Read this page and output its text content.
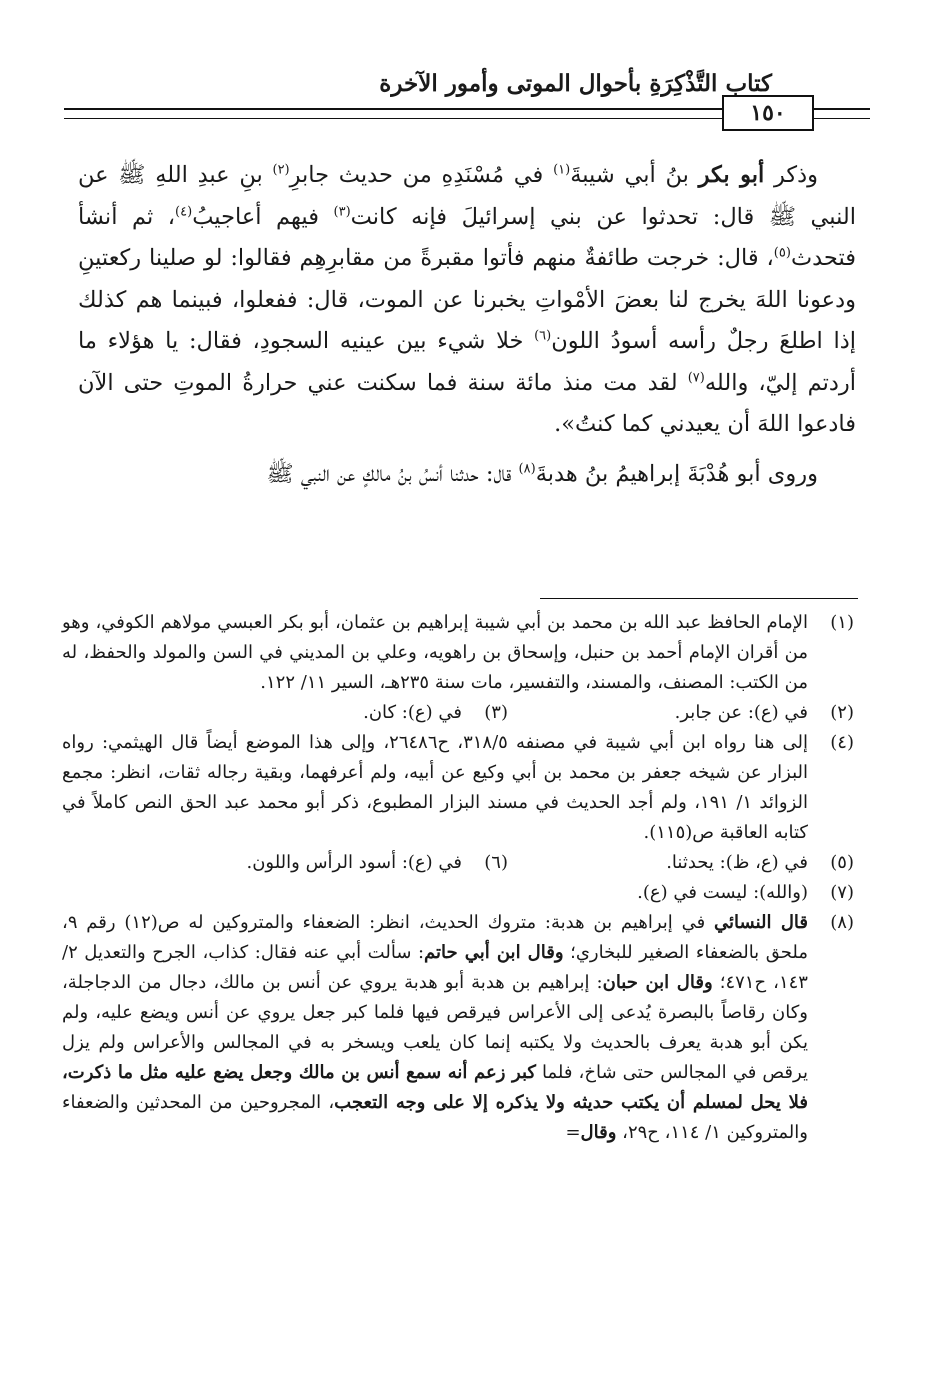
كتاب التَّذْكِرَةِ بأحوال الموتى وأمور الآخرة
١٥٠

وذكر أبو بكر بنُ أبي شيبةَ$^{(١)}$ في مُسْنَدِهِ من حديث جابرِ$^{(٢)}$ بنِ عبدِ اللهِ ﷺ عن النبي ﷺ قال: تحدثوا عن بني إسرائيلَ فإنه كانت$^{(٣)}$ فيهم أعاجيبُ$^{(٤)}$، ثم أنشأ فتحدث$^{(٥)}$، قال: خرجت طائفةٌ منهم فأتوا مقبرةً من مقابرِهِم فقالوا: لو صلينا ركعتينِ ودعونا اللهَ يخرج لنا بعضَ الأمْواتِ يخبرنا عن الموت، قال: ففعلوا، فبينما هم كذلك إذا اطلعَ رجلٌ رأسه أسودُ اللون$^{(٦)}$ خلا شيء بين عينيه السجودِ، فقال: يا هؤلاء ما أردتم إليّ، والله$^{(٧)}$ لقد مت منذ مائة سنة فما سكنت عني حرارةُ الموتِ حتى الآن فادعوا اللهَ أن يعيدني كما كنتُ».

وروى أبو هُدْبَةَ إبراهيمُ بنُ هدبةَ$^{(٨)}$ قال: حدثنا أنسُ بنُ مالكٍ عن النبي ﷺ

(١)
الإمام الحافظ عبد الله بن محمد بن أبي شيبة إبراهيم بن عثمان، أبو بكر العبسي مولاهم الكوفي، وهو من أقران الإمام أحمد بن حنبل، وإسحاق بن راهويه، وعلي بن المديني في السن والمولد والحفظ، له من الكتب: المصنف، والمسند، والتفسير، مات سنة ٢٣٥هـ، السير ١١/ ١٢٢.
(٢)
في (ع): عن جابر.
(٣)
في (ع): كان.
(٤)
إلى هنا رواه ابن أبي شيبة في مصنفه ٣١٨/٥، ح٢٦٤٨٦، وإلى هذا الموضع أيضاً قال الهيثمي: رواه البزار عن شيخه جعفر بن محمد بن أبي وكيع عن أبيه، ولم أعرفهما، وبقية رجاله ثقات، انظر: مجمع الزوائد ١/ ١٩١، ولم أجد الحديث في مسند البزار المطبوع، ذكر أبو محمد عبد الحق النص كاملاً في كتابه العاقبة ص(١١٥).
(٥)
في (ع، ظ): يحدثنا.
(٦)
في (ع): أسود الرأس واللون.
(٧)
(والله): ليست في (ع).
(٨)
قال النسائي في إبراهيم بن هدبة: متروك الحديث، انظر: الضعفاء والمتروكين له ص(١٢) رقم ٩، ملحق بالضعفاء الصغير للبخاري؛ وقال ابن أبي حاتم: سألت أبي عنه فقال: كذاب، الجرح والتعديل ٢/ ١٤٣، ح٤٧١؛ وقال ابن حبان: إبراهيم بن هدبة أبو هدبة يروي عن أنس بن مالك، دجال من الدجاجلة، وكان رقاصاً بالبصرة يُدعى إلى الأعراس فيرقص فيها فلما كبر جعل يروي عن أنس ويضع عليه، ولم يكن أبو هدبة يعرف بالحديث ولا يكتبه إنما كان يلعب ويسخر به في المجالس والأعراس ولم يزل يرقص في المجالس حتى شاخ، فلما كبر زعم أنه سمع أنس بن مالك وجعل يضع عليه مثل ما ذكرت، فلا يحل لمسلم أن يكتب حديثه ولا يذكره إلا على وجه التعجب، المجروحين من المحدثين والضعفاء والمتروكين ١/ ١١٤، ح٢٩، وقال=
